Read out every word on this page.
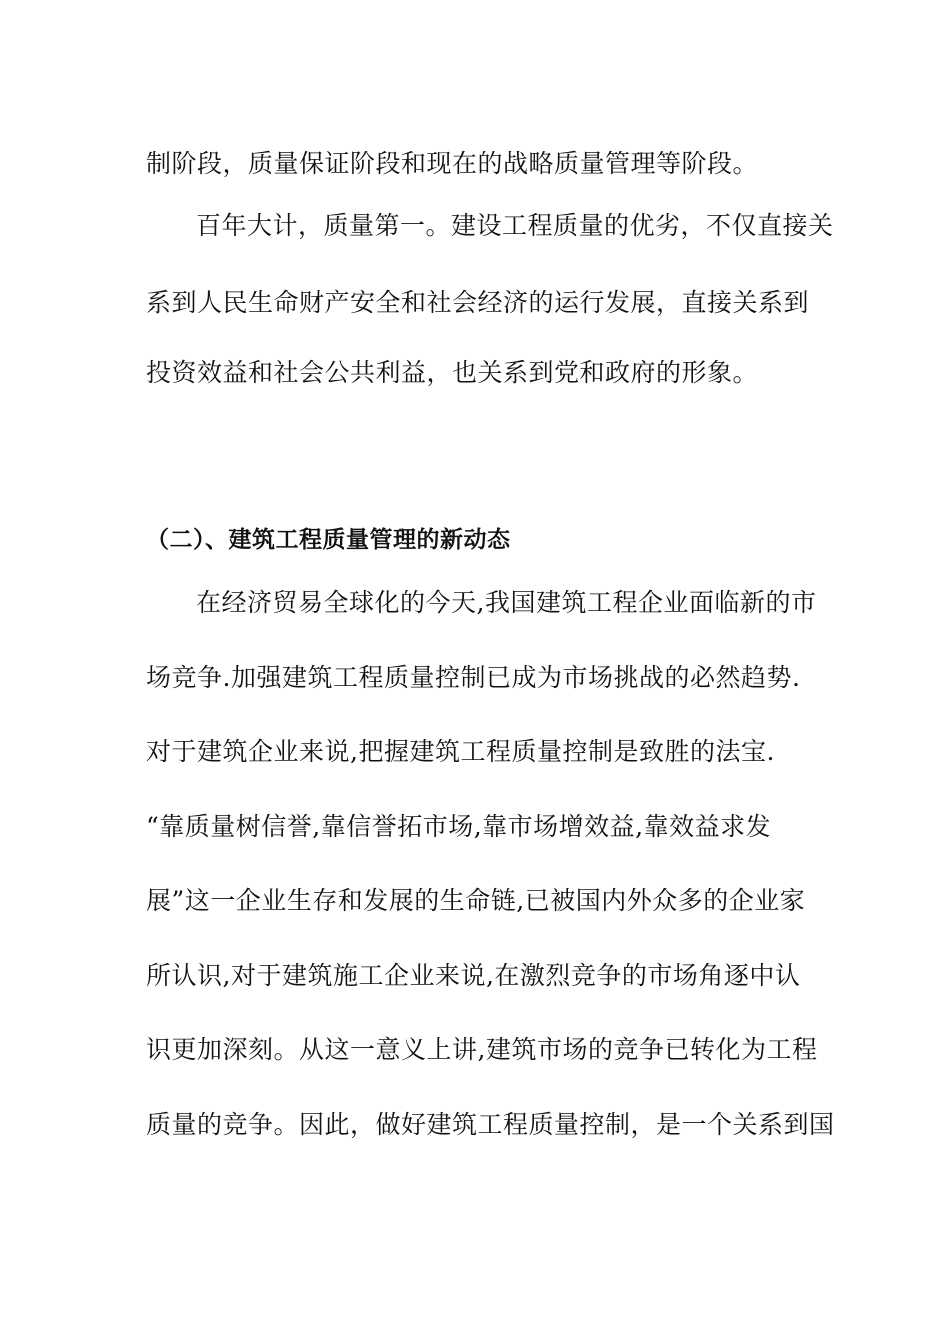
制阶段，质量保证阶段和现在的战略质量管理等阶段。
百年大计，质量第一。建设工程质量的优劣，不仅直接关
系到人民生命财产安全和社会经济的运行发展，直接关系到
投资效益和社会公共利益，也关系到党和政府的形象。
（二）、建筑工程质量管理的新动态
在经济贸易全球化的今天,我国建筑工程企业面临新的市
场竞争.加强建筑工程质量控制已成为市场挑战的必然趋势.
对于建筑企业来说,把握建筑工程质量控制是致胜的法宝.
“靠质量树信誉,靠信誉拓市场,靠市场增效益,靠效益求发
展”这一企业生存和发展的生命链,已被国内外众多的企业家
所认识,对于建筑施工企业来说,在激烈竞争的市场角逐中认
识更加深刻。从这一意义上讲,建筑市场的竞争已转化为工程
质量的竞争。因此，做好建筑工程质量控制，是一个关系到国
